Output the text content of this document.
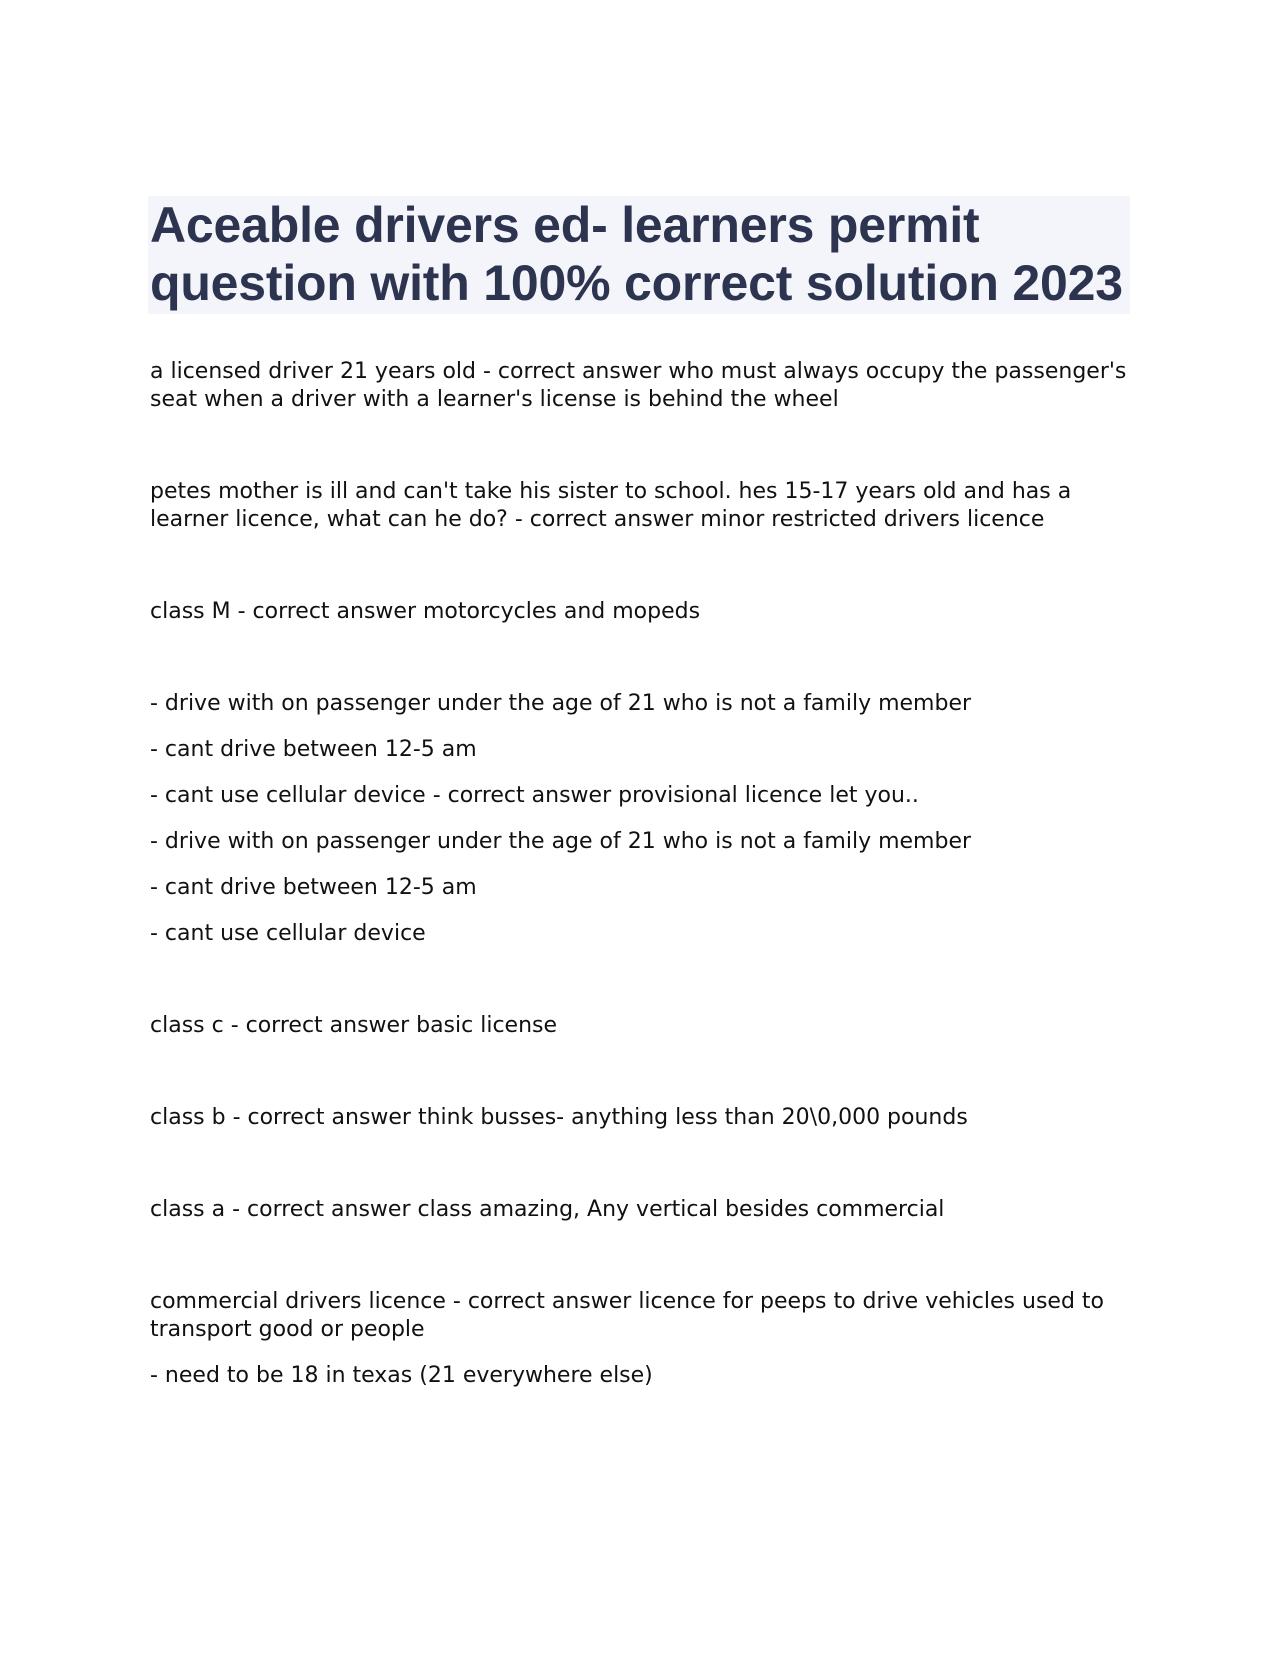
Aceable drivers ed- learners permit question with 100% correct solution 2023

a licensed driver 21 years old - correct answer who must always occupy the passenger's seat when a driver with a learner's license is behind the wheel

petes mother is ill and can't take his sister to school. hes 15-17 years old and has a learner licence, what can he do? - correct answer minor restricted drivers licence

class M - correct answer motorcycles and mopeds

- drive with on passenger under the age of 21 who is not a family member

- cant drive between 12-5 am

- cant use cellular device - correct answer provisional licence let you..

- drive with on passenger under the age of 21 who is not a family member

- cant drive between 12-5 am

- cant use cellular device

class c - correct answer basic license

class b - correct answer think busses- anything less than 20\0,000 pounds

class a - correct answer class amazing, Any vertical besides commercial

commercial drivers licence - correct answer licence for peeps to drive vehicles used to transport good or people

- need to be 18 in texas (21 everywhere else)
